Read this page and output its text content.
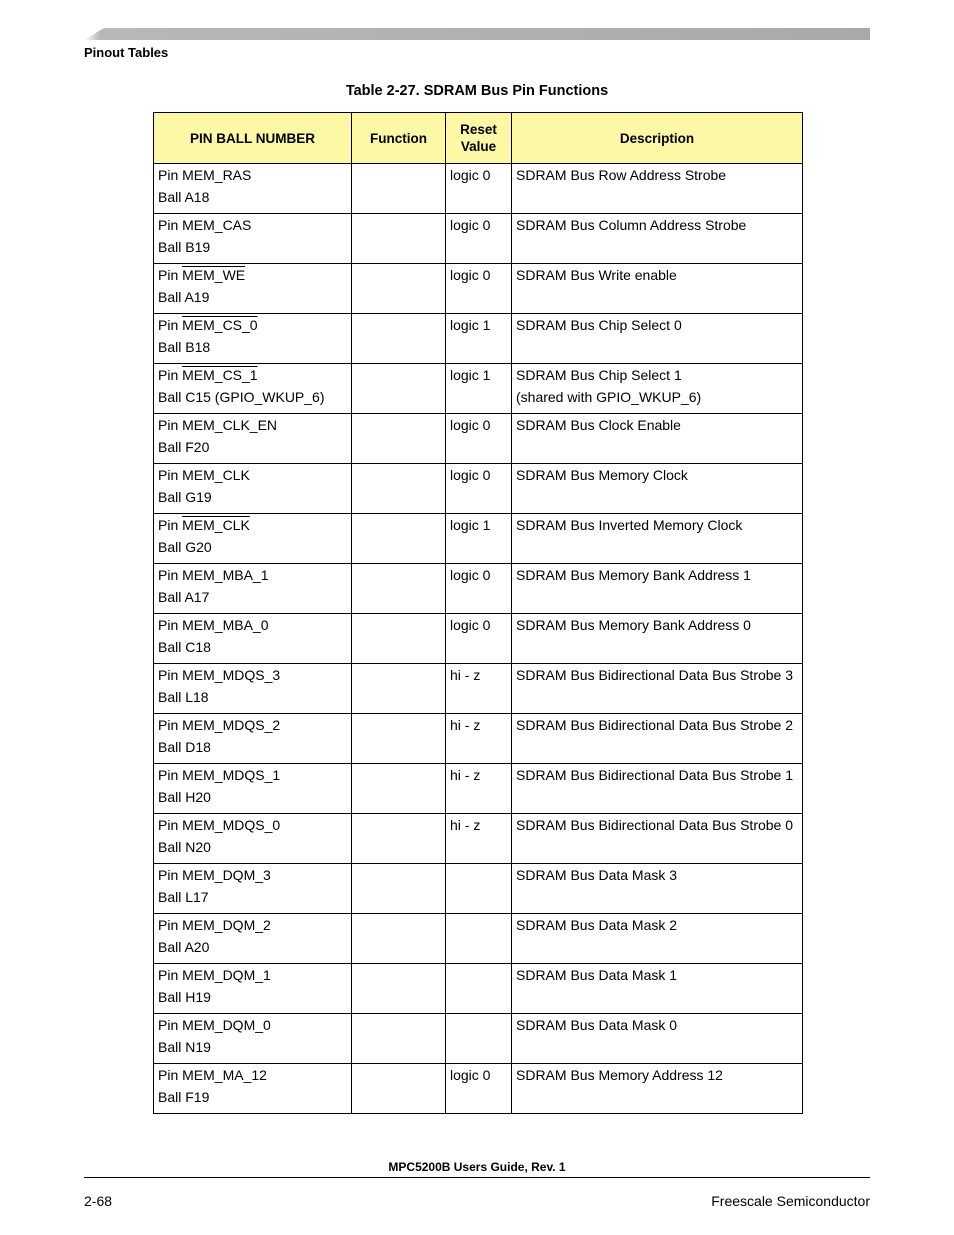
Pinout Tables
Table 2-27. SDRAM Bus Pin Functions
PIN BALL NUMBER	Function	Reset Value	Description

Pin MEM_RAS
Ball A18		logic 0	SDRAM Bus Row Address Strobe

Pin MEM_CAS
Ball B19		logic 0	SDRAM Bus Column Address Strobe

Pin MEM_WE
Ball A19		logic 0	SDRAM Bus Write enable

Pin MEM_CS_0
Ball B18		logic 1	SDRAM Bus Chip Select 0

Pin MEM_CS_1
Ball C15 (GPIO_WKUP_6)		logic 1	SDRAM Bus Chip Select 1
(shared with GPIO_WKUP_6)

Pin MEM_CLK_EN
Ball F20		logic 0	SDRAM Bus Clock Enable

Pin MEM_CLK
Ball G19		logic 0	SDRAM Bus Memory Clock

Pin MEM_CLK
Ball G20		logic 1	SDRAM Bus Inverted Memory Clock

Pin MEM_MBA_1
Ball A17		logic 0	SDRAM Bus Memory Bank Address 1

Pin MEM_MBA_0
Ball C18		logic 0	SDRAM Bus Memory Bank Address 0

Pin MEM_MDQS_3
Ball L18		hi - z	SDRAM Bus Bidirectional Data Bus Strobe 3

Pin MEM_MDQS_2
Ball D18		hi - z	SDRAM Bus Bidirectional Data Bus Strobe 2

Pin MEM_MDQS_1
Ball H20		hi - z	SDRAM Bus Bidirectional Data Bus Strobe 1

Pin MEM_MDQS_0
Ball N20		hi - z	SDRAM Bus Bidirectional Data Bus Strobe 0

Pin MEM_DQM_3
Ball L17			SDRAM Bus Data Mask 3

Pin MEM_DQM_2
Ball A20			SDRAM Bus Data Mask 2

Pin MEM_DQM_1
Ball H19			SDRAM Bus Data Mask 1

Pin MEM_DQM_0
Ball N19			SDRAM Bus Data Mask 0

Pin MEM_MA_12
Ball F19		logic 0	SDRAM Bus Memory Address 12
MPC5200B Users Guide, Rev. 1
2-68	Freescale Semiconductor
